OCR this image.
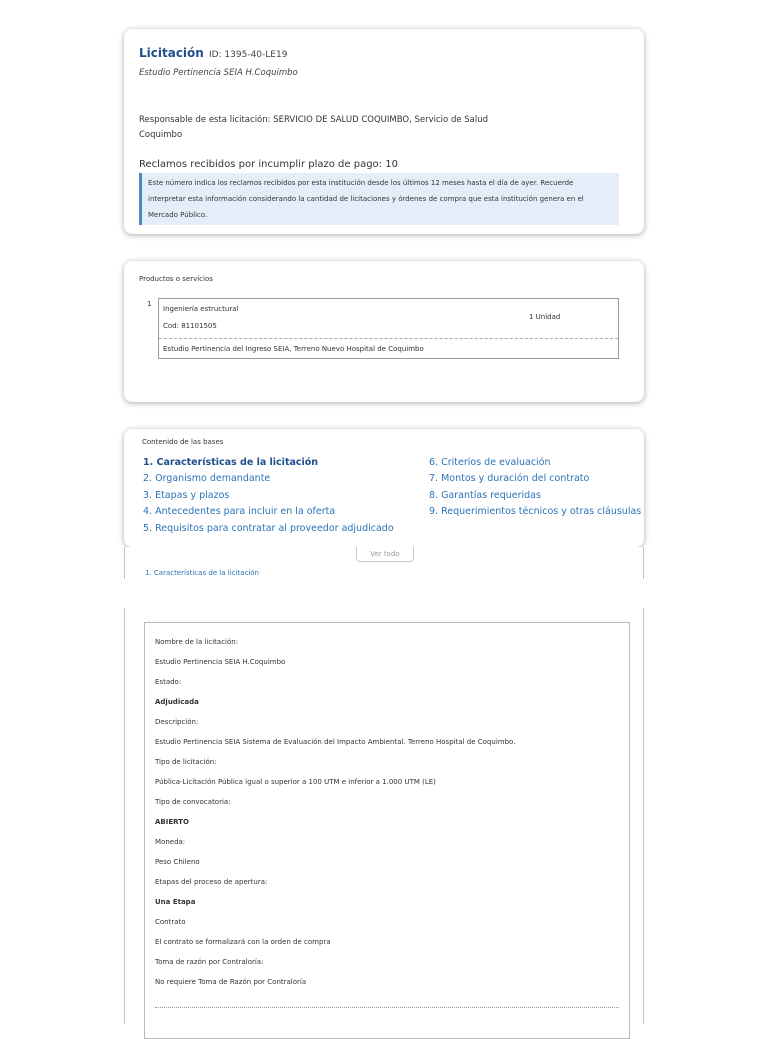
Licitación ID: 1395-40-LE19
Estudio Pertinencia SEIA H.Coquimbo
Responsable de esta licitación: SERVICIO DE SALUD COQUIMBO, Servicio de Salud Coquimbo
Reclamos recibidos por incumplir plazo de pago: 10
Este número indica los reclamos recibidos por esta institución desde los últimos 12 meses hasta el día de ayer. Recuerde interpretar esta información considerando la cantidad de licitaciones y órdenes de compra que esta institución genera en el Mercado Público.
Productos o servicios
1
Ingeniería estructural
Cod: 81101505
1 Unidad
Estudio Pertinencia del Ingreso SEIA, Terreno Nuevo Hospital de Coquimbo
Contenido de las bases
1. Características de la licitación
2. Organismo demandante
3. Etapas y plazos
4. Antecedentes para incluir en la oferta
5. Requisitos para contratar al proveedor adjudicado
6. Criterios de evaluación
7. Montos y duración del contrato
8. Garantías requeridas
9. Requerimientos técnicos y otras cláusulas
Ver todo
1. Características de la licitación
Nombre de la licitación:
Estudio Pertinencia SEIA H.Coquimbo
Estado:
Adjudicada
Descripción:
Estudio Pertinencia SEIA Sistema de Evaluación del Impacto Ambiental. Terreno Hospital de Coquimbo.
Tipo de licitación:
Pública-Licitación Pública igual o superior a 100 UTM e inferior a 1.000 UTM (LE)
Tipo de convocatoria:
ABIERTO
Moneda:
Peso Chileno
Etapas del proceso de apertura:
Una Etapa
Contrato
El contrato se formalizará con la orden de compra
Toma de razón por Contraloría:
No requiere Toma de Razón por Contraloría
